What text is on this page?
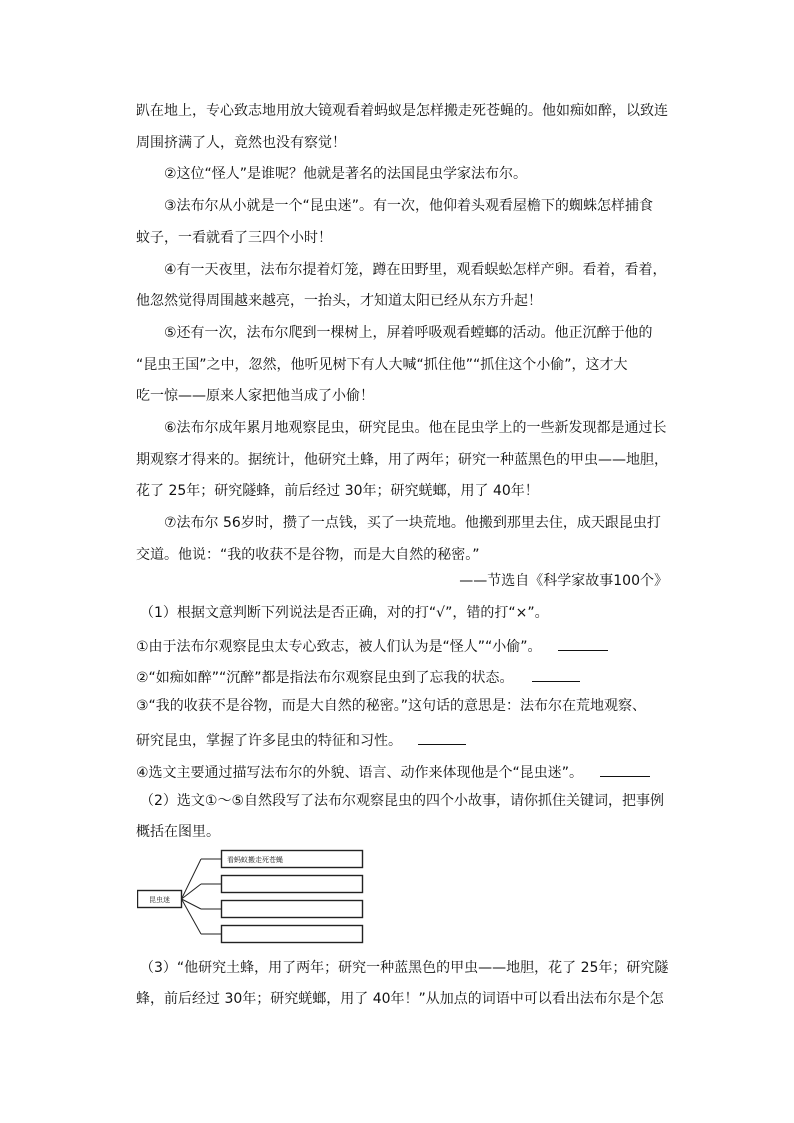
趴在地上，专心致志地用放大镜观看着蚂蚁是怎样搬走死苍蝇的。他如痴如醉，以致连
周围挤满了人，竟然也没有察觉！
②这位“怪人”是谁呢？他就是著名的法国昆虫学家法布尔。
③法布尔从小就是一个“昆虫迷”。有一次，他仰着头观看屋檐下的蜘蛛怎样捕食
蚊子，一看就看了三四个小时！
④有一天夜里，法布尔提着灯笼，蹲在田野里，观看蜈蚣怎样产卵。看着，看着，
他忽然觉得周围越来越亮，一抬头，才知道太阳已经从东方升起！
⑤还有一次，法布尔爬到一棵树上，屏着呼吸观看螳螂的活动。他正沉醉于他的
“昆虫王国”之中，忽然，他听见树下有人大喊“抓住他”“抓住这个小偷”，这才大
吃一惊——原来人家把他当成了小偷！
⑥法布尔成年累月地观察昆虫，研究昆虫。他在昆虫学上的一些新发现都是通过长
期观察才得来的。据统计，他研究土蜂，用了两年；研究一种蓝黑色的甲虫——地胆，
花了 25年；研究隧蜂，前后经过 30年；研究蜣螂，用了 40年！
⑦法布尔 56岁时，攒了一点钱，买了一块荒地。他搬到那里去住，成天跟昆虫打
交道。他说：“我的收获不是谷物，而是大自然的秘密。”
——节选自《科学家故事100个》
（1）根据文意判断下列说法是否正确，对的打“√”，错的打“×”。
①由于法布尔观察昆虫太专心致志，被人们认为是“怪人”“小偷”。
②“如痴如醉”“沉醉”都是指法布尔观察昆虫到了忘我的状态。
③“我的收获不是谷物，而是大自然的秘密。”这句话的意思是：法布尔在荒地观察、
研究昆虫，掌握了许多昆虫的特征和习性。
④选文主要通过描写法布尔的外貌、语言、动作来体现他是个“昆虫迷”。
（2）选文①～⑤自然段写了法布尔观察昆虫的四个小故事，请你抓住关键词，把事例
概括在图里。
昆虫迷
看蚂蚁搬走死苍蝇
（3）“他研究土蜂，用了两年；研究一种蓝黑色的甲虫——地胆，花了 25年；研究隧
蜂，前后经过 30年；研究蜣螂，用了 40年！”从加点的词语中可以看出法布尔是个怎
